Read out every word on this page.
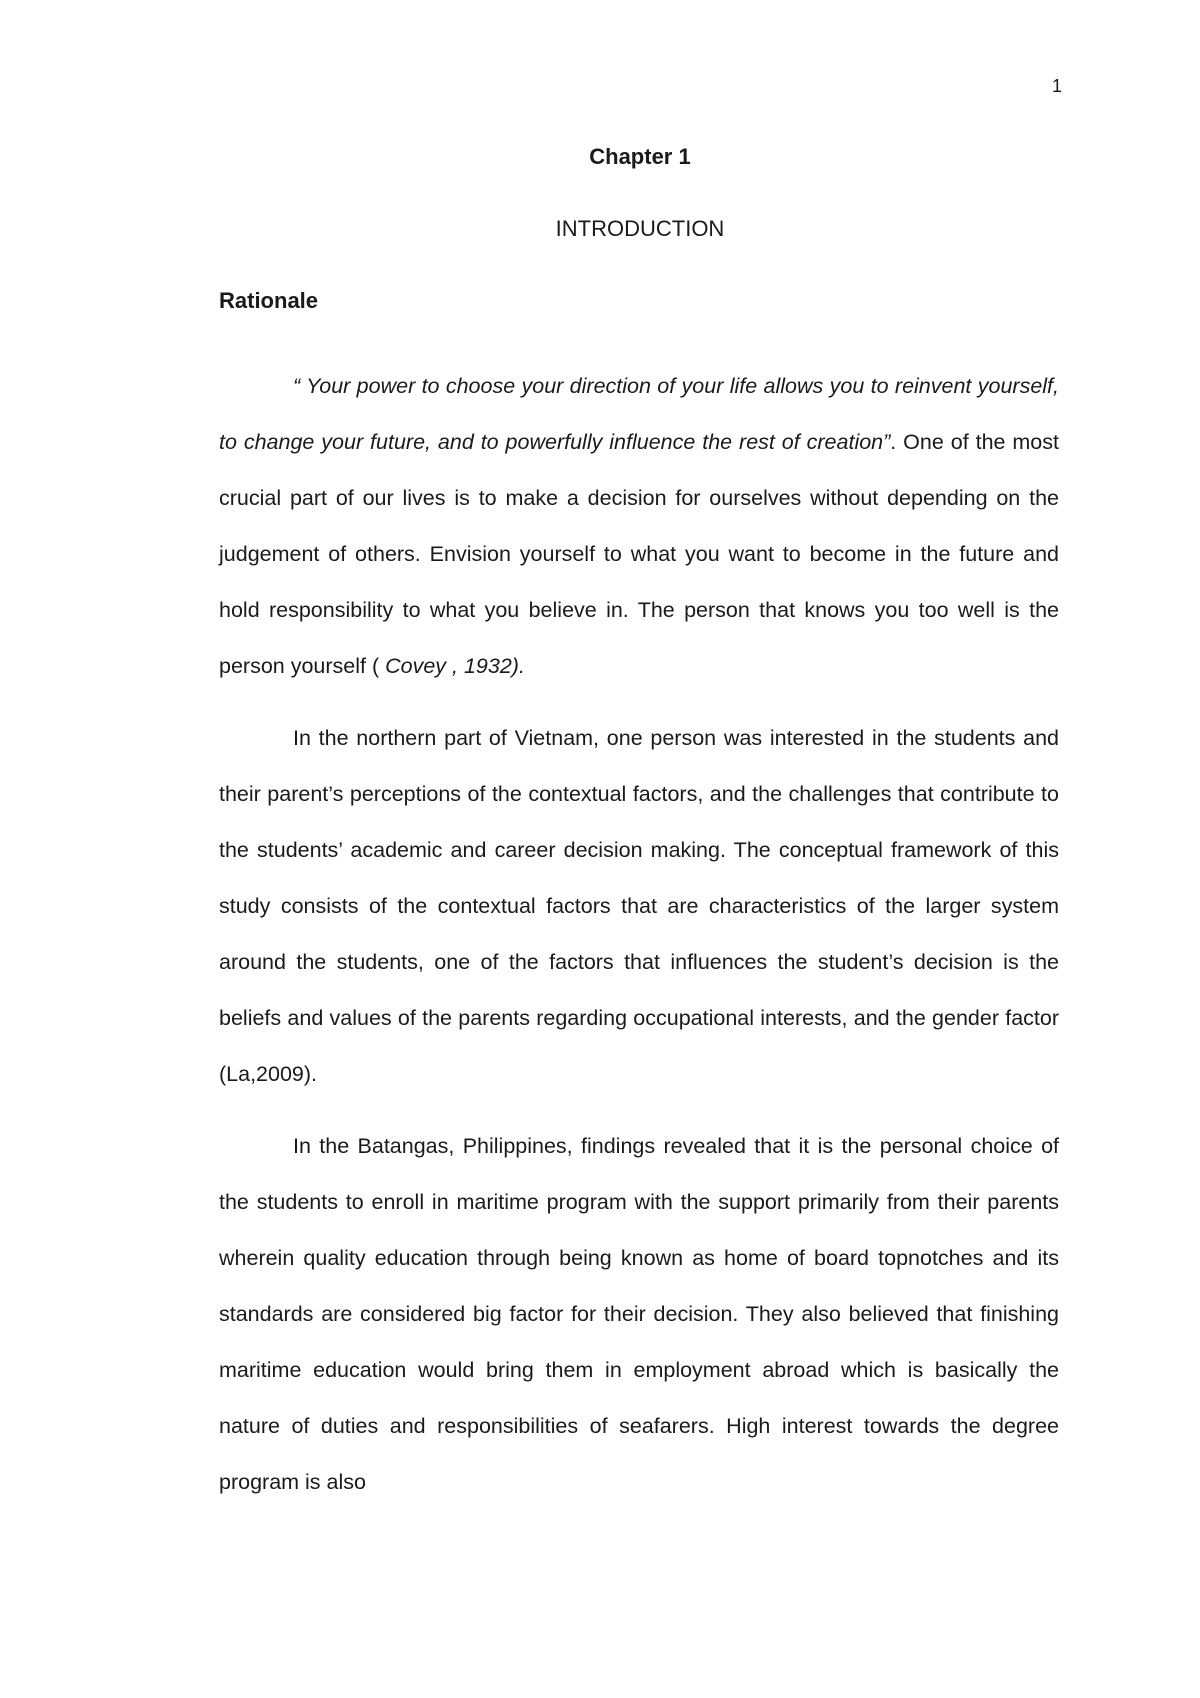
1
Chapter 1
INTRODUCTION
Rationale

“ Your power to choose your direction of your life allows you to reinvent yourself, to change your future, and to powerfully influence the rest of creation”. One of the most crucial part of our lives is to make a decision for ourselves without depending on the judgement of others. Envision yourself to what you want to become in the future and hold responsibility to what you believe in. The person that knows you too well is the person yourself ( Covey , 1932).

In the northern part of Vietnam, one person was interested in the students and their parent’s perceptions of the contextual factors, and the challenges that contribute to the students’ academic and career decision making. The conceptual framework of this study consists of the contextual factors that are characteristics of the larger system around the students, one of the factors that influences the student’s decision is the beliefs and values of the parents regarding occupational interests, and the gender factor (La,2009).

In the Batangas, Philippines, findings revealed that it is the personal choice of the students to enroll in maritime program with the support primarily from their parents wherein quality education through being known as home of board topnotches and its standards are considered big factor for their decision. They also believed that finishing maritime education would bring them in employment abroad which is basically the nature of duties and responsibilities of seafarers. High interest towards the degree program is also
